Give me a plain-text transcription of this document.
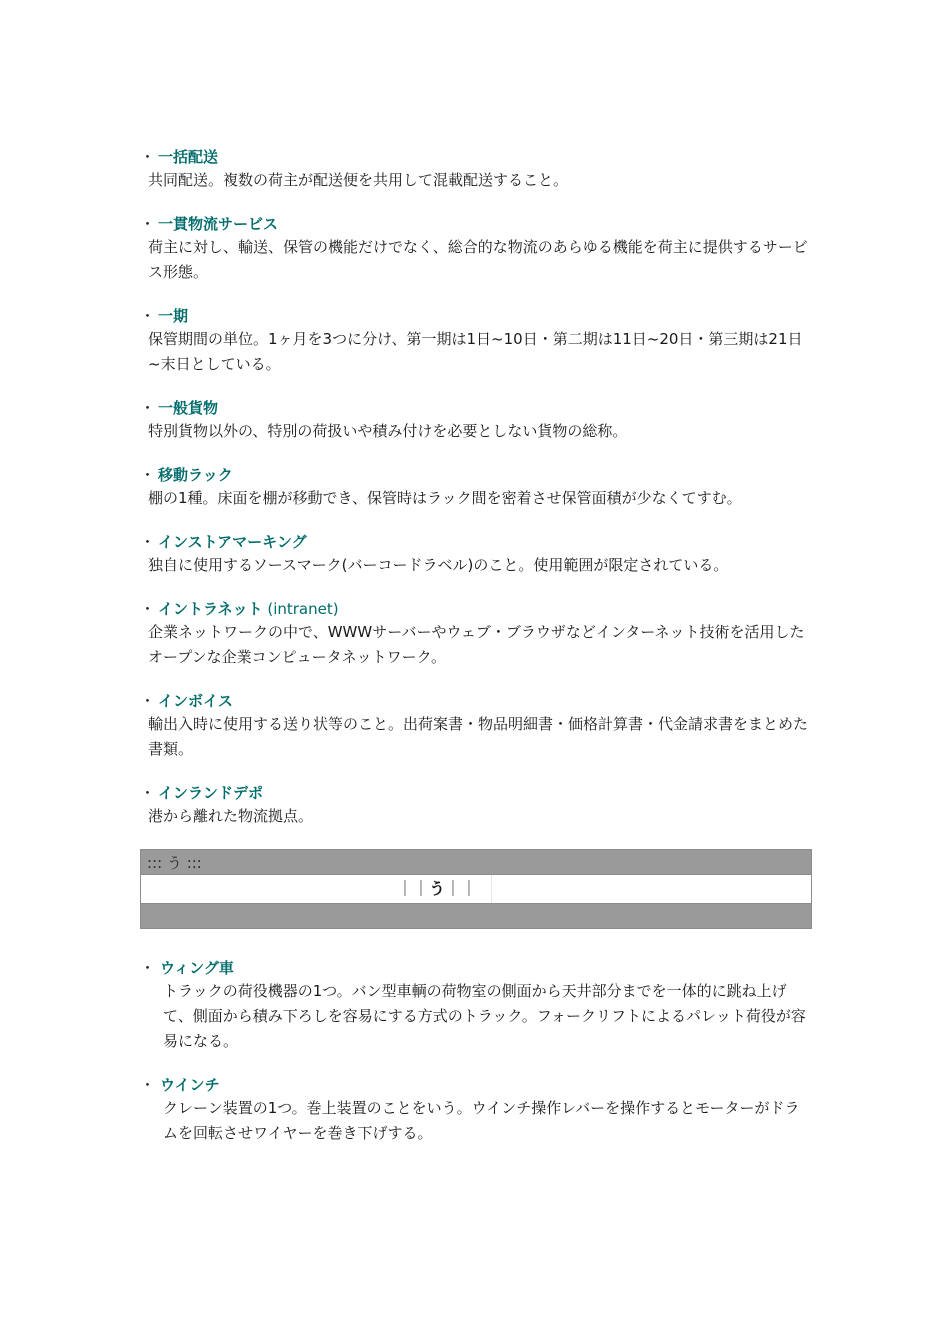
・ 一括配送
共同配送。複数の荷主が配送便を共用して混載配送すること。
・ 一貫物流サービス
荷主に対し、輸送、保管の機能だけでなく、総合的な物流のあらゆる機能を荷主に提供するサービス形態。
・ 一期
保管期間の単位。1ヶ月を3つに分け、第一期は1日~10日・第二期は11日~20日・第三期は21日~末日としている。
・ 一般貨物
特別貨物以外の、特別の荷扱いや積み付けを必要としない貨物の総称。
・ 移動ラック
棚の1種。床面を棚が移動でき、保管時はラック間を密着させ保管面積が少なくてすむ。
・ インストアマーキング
独自に使用するソースマーク(バーコードラベル)のこと。使用範囲が限定されている。
・ イントラネット (intranet)
企業ネットワークの中で、WWWサーバーやウェブ・ブラウザなどインターネット技術を活用したオープンな企業コンピュータネットワーク。
・ インボイス
輸出入時に使用する送り状等のこと。出荷案書・物品明細書・価格計算書・代金請求書をまとめた書類。
・ インランドデポ
港から離れた物流拠点。
::: う :::
｜｜う｜｜
・ ウィング車
トラックの荷役機器の1つ。バン型車輌の荷物室の側面から天井部分までを一体的に跳ね上げて、側面から積み下ろしを容易にする方式のトラック。フォークリフトによるパレット荷役が容易になる。
・ ウインチ
クレーン装置の1つ。巻上装置のことをいう。ウインチ操作レバーを操作するとモーターがドラムを回転させワイヤーを巻き下げする。
